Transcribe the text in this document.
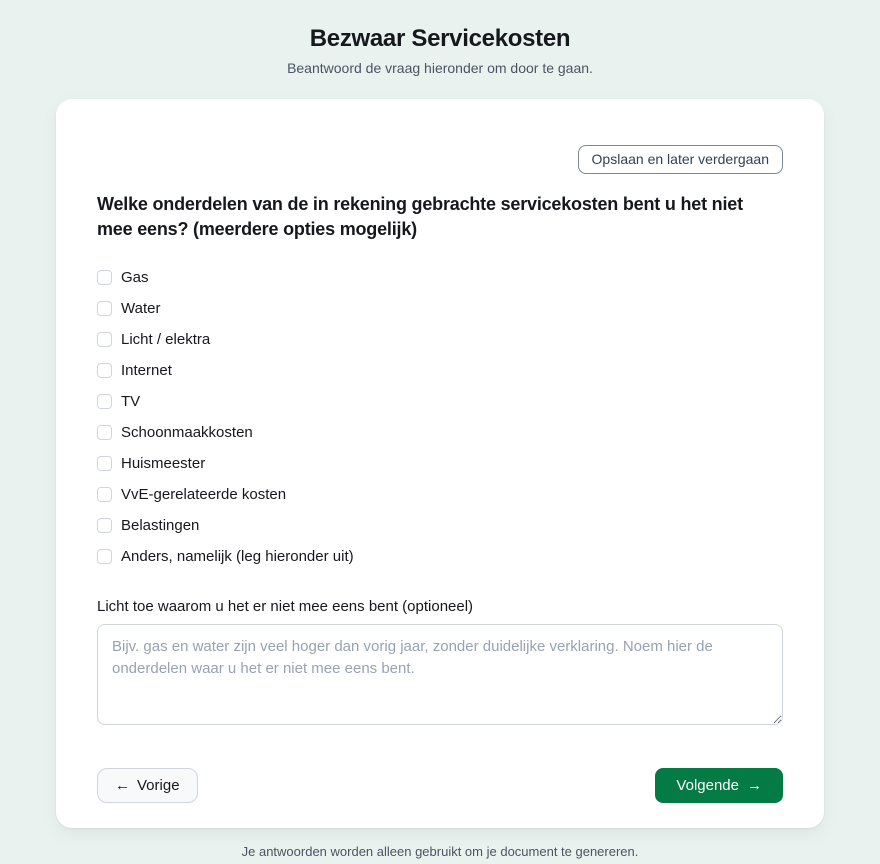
Bezwaar Servicekosten
Beantwoord de vraag hieronder om door te gaan.
Opslaan en later verdergaan
Welke onderdelen van de in rekening gebrachte servicekosten bent u het niet mee eens? (meerdere opties mogelijk)
Gas
Water
Licht / elektra
Internet
TV
Schoonmaakkosten
Huismeester
VvE-gerelateerde kosten
Belastingen
Anders, namelijk (leg hieronder uit)
Licht toe waarom u het er niet mee eens bent (optioneel)
Bijv. gas en water zijn veel hoger dan vorig jaar, zonder duidelijke verklaring. Noem hier de onderdelen waar u het er niet mee eens bent.
← Vorige	Volgende →
Je antwoorden worden alleen gebruikt om je document te genereren.
